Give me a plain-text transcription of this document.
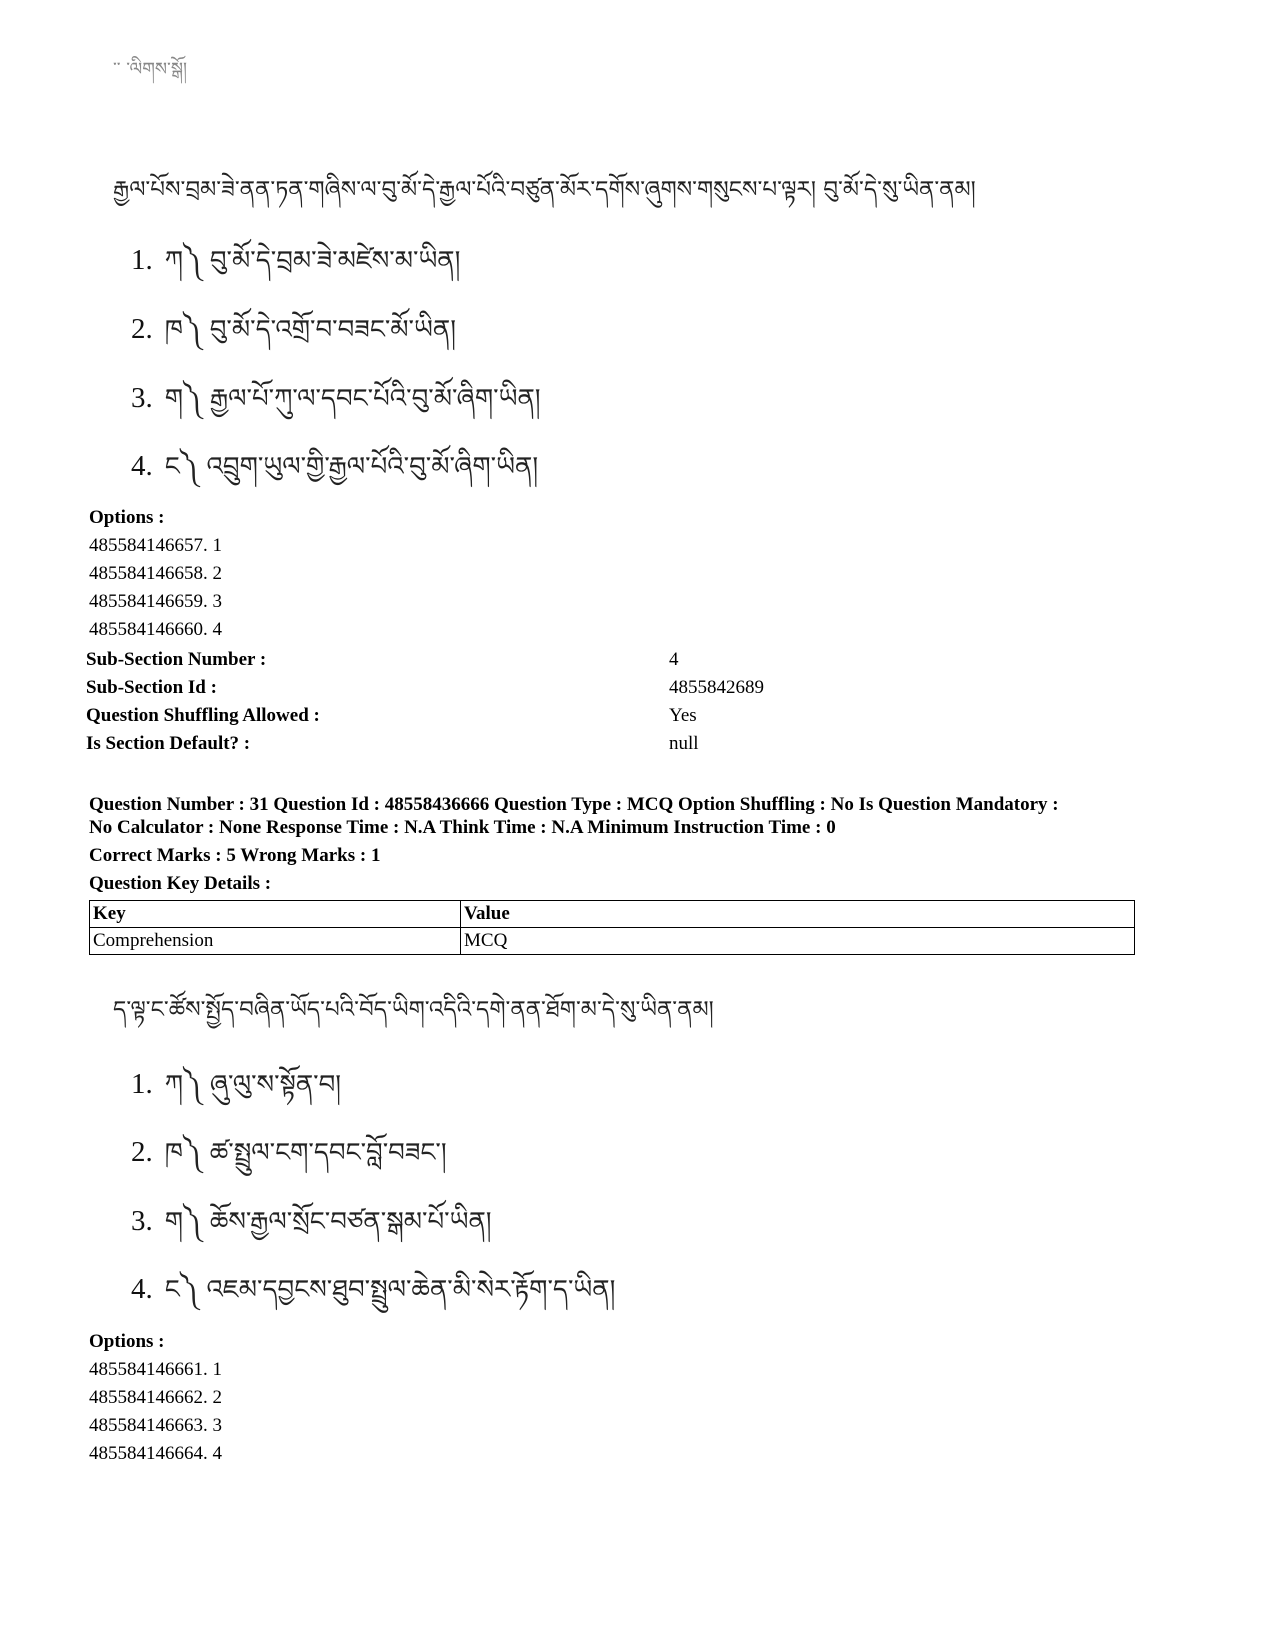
་་ ་ལིགས་སྒོ།
རྒྱལ་པོས་བྲམ་ཟེ་ནན་ཏན་གཞིས་ལ་བུ་མོ་དེ་རྒྱལ་པོའི་བཙུན་མོར་དགོས་ཞུགས་གསུངས་པ་ལྟར། བུ་མོ་དེ་སུ་ཡིན་ནམ།
1. ཀ༽ བུ་མོ་དེ་བྲམ་ཟེ་མཛེས་མ་ཡིན།
2. ཁ༽ བུ་མོ་དེ་འགྲོ་བ་བཟང་མོ་ཡིན།
3. ག༽ རྒྱལ་པོ་ཀུ་ལ་དབང་པོའི་བུ་མོ་ཞིག་ཡིན།
4. ང༽ འབྲུག་ཡུལ་གྱི་རྒྱལ་པོའི་བུ་མོ་ཞིག་ཡིན།
Options :
485584146657. 1
485584146658. 2
485584146659. 3
485584146660. 4
Sub-Section Number :	4
Sub-Section Id :	4855842689
Question Shuffling Allowed :	Yes
Is Section Default? :	null
Question Number : 31 Question Id : 48558436666 Question Type : MCQ Option Shuffling : No Is Question Mandatory :
No Calculator : None Response Time : N.A Think Time : N.A Minimum Instruction Time : 0
Correct Marks : 5 Wrong Marks : 1
Question Key Details :
Key	Value
Comprehension	MCQ
ད་ལྟ་ང་ཚོས་སྤྱོད་བཞིན་ཡོད་པའི་བོད་ཡིག་འདིའི་དགེ་ནན་ཐོག་མ་དེ་སུ་ཡིན་ནམ།
1. ཀ༽ ཞུ་ལུ་ས་སྟོན་བ།
2. ཁ༽ ཚ་སྤྲུལ་ངག་དབང་བློ་བཟང་།
3. ག༽ ཆོས་རྒྱལ་སྲོང་བཙན་སྒམ་པོ་ཡིན།
4. ང༽ འཇམ་དབྱངས་ཐུབ་སྤྲུལ་ཆེན་མི་སེར་རྟོག་ད་ཡིན།
Options :
485584146661. 1
485584146662. 2
485584146663. 3
485584146664. 4
